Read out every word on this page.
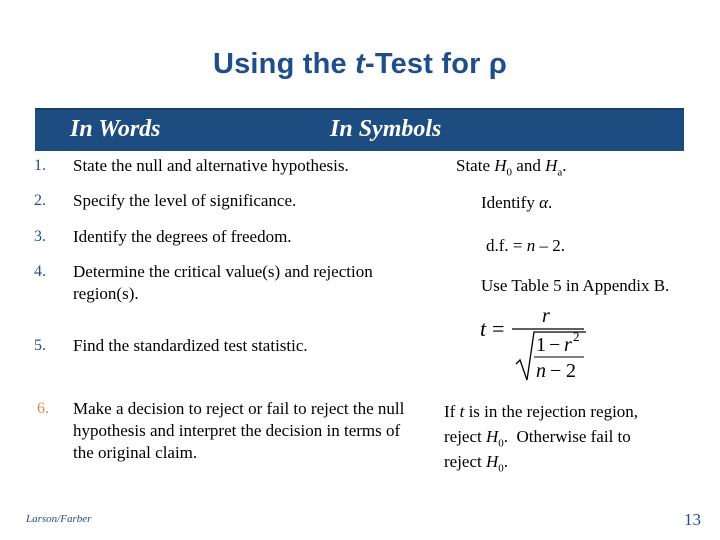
Using the t-Test for ρ
In Words	In Symbols
1. State the null and alternative hypothesis.
2. Specify the level of significance.
3. Identify the degrees of freedom.
4. Determine the critical value(s) and rejection region(s).
5. Find the standardized test statistic.
6. Make a decision to reject or fail to reject the null hypothesis and interpret the decision in terms of the original claim.
State $H_0$ and $H_a$.
Identify α.
d.f. = n – 2.
Use Table 5 in Appendix B.
t = r
1 − r 2
n − 2
If t is in the rejection region,
reject $H_0$.  Otherwise fail to
reject $H_0$.
Larson/Farber	13
